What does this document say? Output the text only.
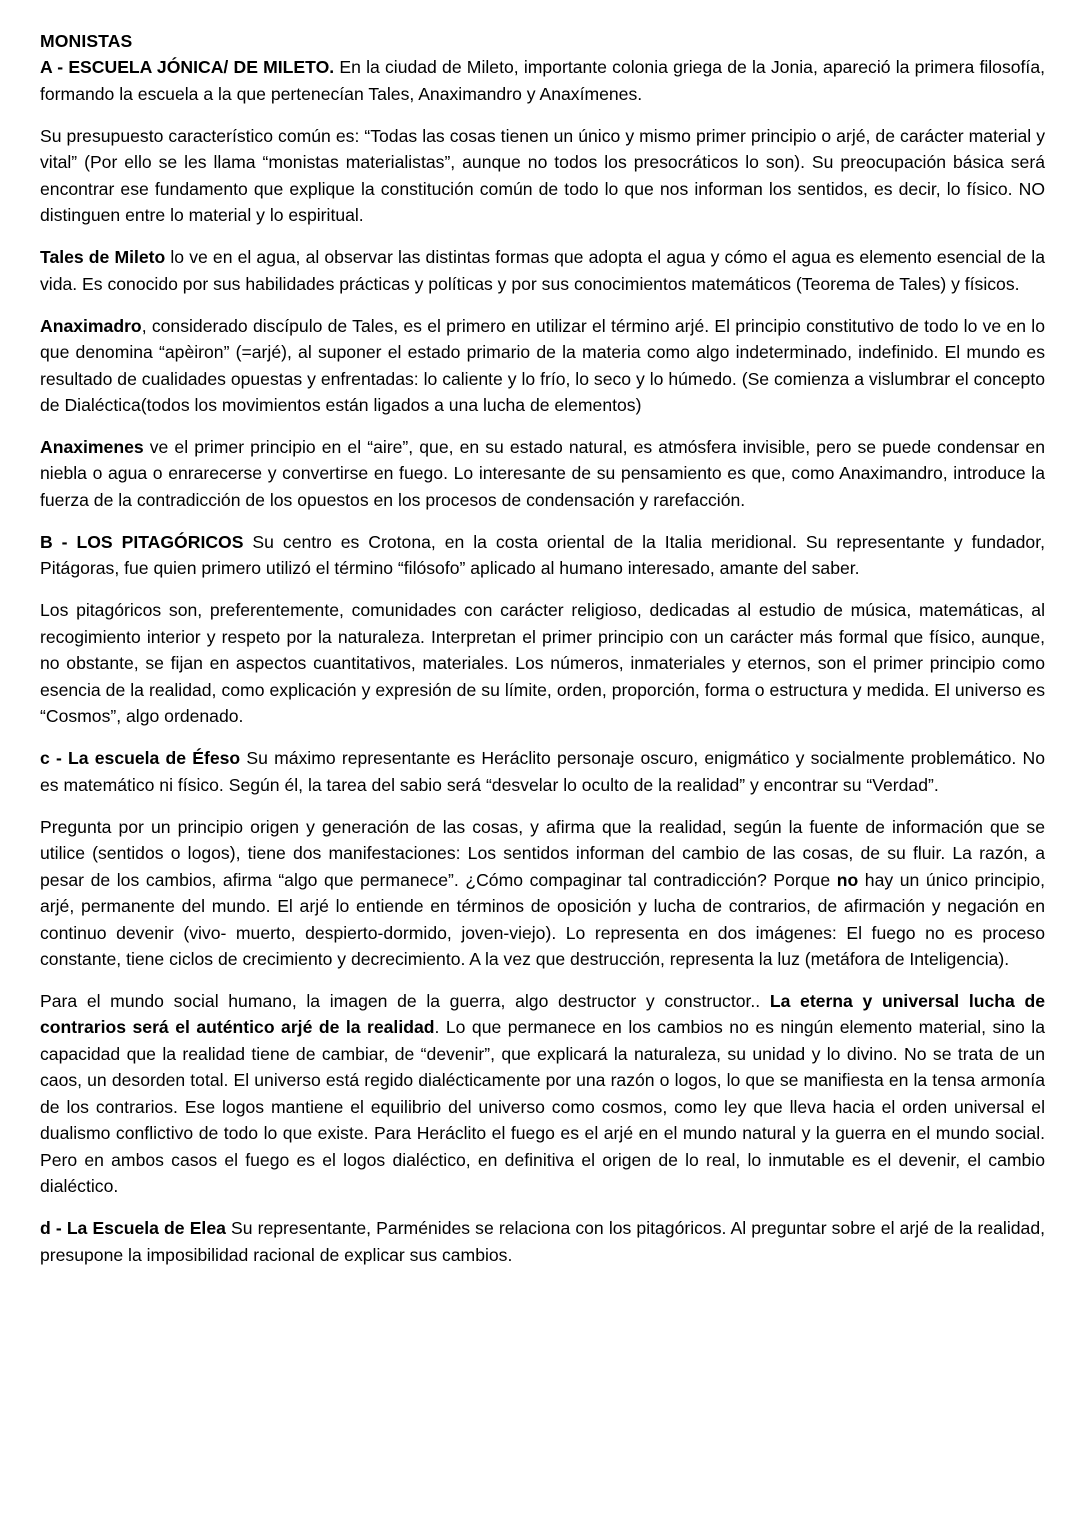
MONISTAS

A - ESCUELA JÓNICA/ DE MILETO. En la ciudad de Mileto, importante colonia griega de la Jonia, apareció la primera filosofía, formando la escuela a la que pertenecían Tales, Anaximandro y Anaxímenes.

Su presupuesto característico común es: “Todas las cosas tienen un único y mismo primer principio o arjé, de carácter material y vital” (Por ello se les llama “monistas materialistas”, aunque no todos los presocráticos lo son). Su preocupación básica será encontrar ese fundamento que explique la constitución común de todo lo que nos informan los sentidos, es decir, lo físico. NO distinguen entre lo material y lo espiritual.

Tales de Mileto lo ve en el agua, al observar las distintas formas que adopta el agua y cómo el agua es elemento esencial de la vida. Es conocido por sus habilidades prácticas y políticas y por sus conocimientos matemáticos (Teorema de Tales) y físicos.

Anaximadro, considerado discípulo de Tales, es el primero en utilizar el término arjé. El principio constitutivo de todo lo ve en lo que denomina “apèiron” (=arjé), al suponer el estado primario de la materia como algo indeterminado, indefinido. El mundo es resultado de cualidades opuestas y enfrentadas: lo caliente y lo frío, lo seco y lo húmedo. (Se comienza a vislumbrar el concepto de Dialéctica(todos los movimientos están ligados a una lucha de elementos)

Anaximenes ve el primer principio en el “aire”, que, en su estado natural, es atmósfera invisible, pero se puede condensar en niebla o agua o enrarecerse y convertirse en fuego. Lo interesante de su pensamiento es que, como Anaximandro, introduce la fuerza de la contradicción de los opuestos en los procesos de condensación y rarefacción.

B - LOS PITAGÓRICOS Su centro es Crotona, en la costa oriental de la Italia meridional. Su representante y fundador, Pitágoras, fue quien primero utilizó el término “filósofo” aplicado al humano interesado, amante del saber.

Los pitagóricos son, preferentemente, comunidades con carácter religioso, dedicadas al estudio de música, matemáticas, al recogimiento interior y respeto por la naturaleza. Interpretan el primer principio con un carácter más formal que físico, aunque, no obstante, se fijan en aspectos cuantitativos, materiales. Los números, inmateriales y eternos, son el primer principio como esencia de la realidad, como explicación y expresión de su límite, orden, proporción, forma o estructura y medida. El universo es “Cosmos”, algo ordenado.

c - La escuela de Éfeso Su máximo representante es Heráclito personaje oscuro, enigmático y socialmente problemático. No es matemático ni físico. Según él, la tarea del sabio será “desvelar lo oculto de la realidad” y encontrar su “Verdad”.

Pregunta por un principio origen y generación de las cosas, y afirma que la realidad, según la fuente de información que se utilice (sentidos o logos), tiene dos manifestaciones: Los sentidos informan del cambio de las cosas, de su fluir. La razón, a pesar de los cambios, afirma “algo que permanece”. ¿Cómo compaginar tal contradicción? Porque no hay un único principio, arjé, permanente del mundo. El arjé lo entiende en términos de oposición y lucha de contrarios, de afirmación y negación en continuo devenir (vivo- muerto, despierto-dormido, joven-viejo). Lo representa en dos imágenes: El fuego no es proceso constante, tiene ciclos de crecimiento y decrecimiento. A la vez que destrucción, representa la luz (metáfora de Inteligencia).

Para el mundo social humano, la imagen de la guerra, algo destructor y constructor.. La eterna y universal lucha de contrarios será el auténtico arjé de la realidad. Lo que permanece en los cambios no es ningún elemento material, sino la capacidad que la realidad tiene de cambiar, de “devenir”, que explicará la naturaleza, su unidad y lo divino. No se trata de un caos, un desorden total. El universo está regido dialécticamente por una razón o logos, lo que se manifiesta en la tensa armonía de los contrarios. Ese logos mantiene el equilibrio del universo como cosmos, como ley que lleva hacia el orden universal el dualismo conflictivo de todo lo que existe. Para Heráclito el fuego es el arjé en el mundo natural y la guerra en el mundo social. Pero en ambos casos el fuego es el logos dialéctico, en definitiva el origen de lo real, lo inmutable es el devenir, el cambio dialéctico.

d - La Escuela de Elea Su representante, Parménides se relaciona con los pitagóricos. Al preguntar sobre el arjé de la realidad, presupone la imposibilidad racional de explicar sus cambios.
